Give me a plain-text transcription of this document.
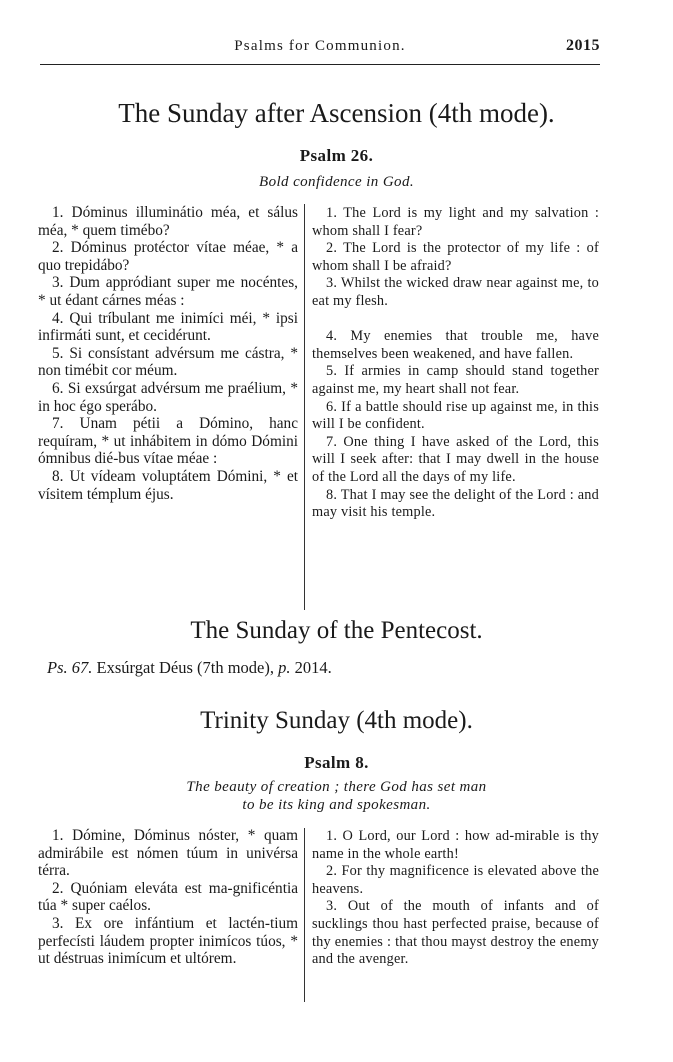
Psalms for Communion.	2015
The Sunday after Ascension (4th mode).
Psalm 26.
Bold confidence in God.

1. Dóminus illuminátio méa, et sálus méa, * quem timébo?

2. Dóminus protéctor vítae méae, * a quo trepidábo?

3. Dum appródiant super me nocéntes, * ut édant cárnes méas :

4. Qui tríbulant me inimíci méi, * ipsi infirmáti sunt, et cecidérunt.

5. Si consístant advérsum me cástra, * non timébit cor méum.

6. Si exsúrgat advérsum me praélium, * in hoc égo sperábo.

7. Unam pétii a Dómino, hanc requíram, * ut inhábitem in dómo Dómini ómnibus dié-bus vítae méae :

8. Ut vídeam voluptátem Dómini, * et vísitem témplum éjus.

1. The Lord is my light and my salvation : whom shall I fear?

2. The Lord is the protector of my life : of whom shall I be afraid?

3. Whilst the wicked draw near against me, to eat my flesh.

4. My enemies that trouble me, have themselves been weakened, and have fallen.

5. If armies in camp should stand together against me, my heart shall not fear.

6. If a battle should rise up against me, in this will I be confident.

7. One thing I have asked of the Lord, this will I seek after: that I may dwell in the house of the Lord all the days of my life.

8. That I may see the delight of the Lord : and may visit his temple.

The Sunday of the Pentecost.
Ps. 67. Exsúrgat Déus (7th mode), p. 2014.
Trinity Sunday (4th mode).
Psalm 8.
The beauty of creation ; there God has set man
to be its king and spokesman.

1. Dómine, Dóminus nóster, * quam admirábile est nómen túum in univérsa térra.

2. Quóniam eleváta est ma-gnificéntia túa * super caélos.

3. Ex ore infántium et lactén-tium perfecísti láudem propter inimícos túos, * ut déstruas inimícum et ultórem.

1. O Lord, our Lord : how ad-mirable is thy name in the whole earth!

2. For thy magnificence is elevated above the heavens.

3. Out of the mouth of infants and of sucklings thou hast perfected praise, because of thy enemies : that thou mayst destroy the enemy and the avenger.
